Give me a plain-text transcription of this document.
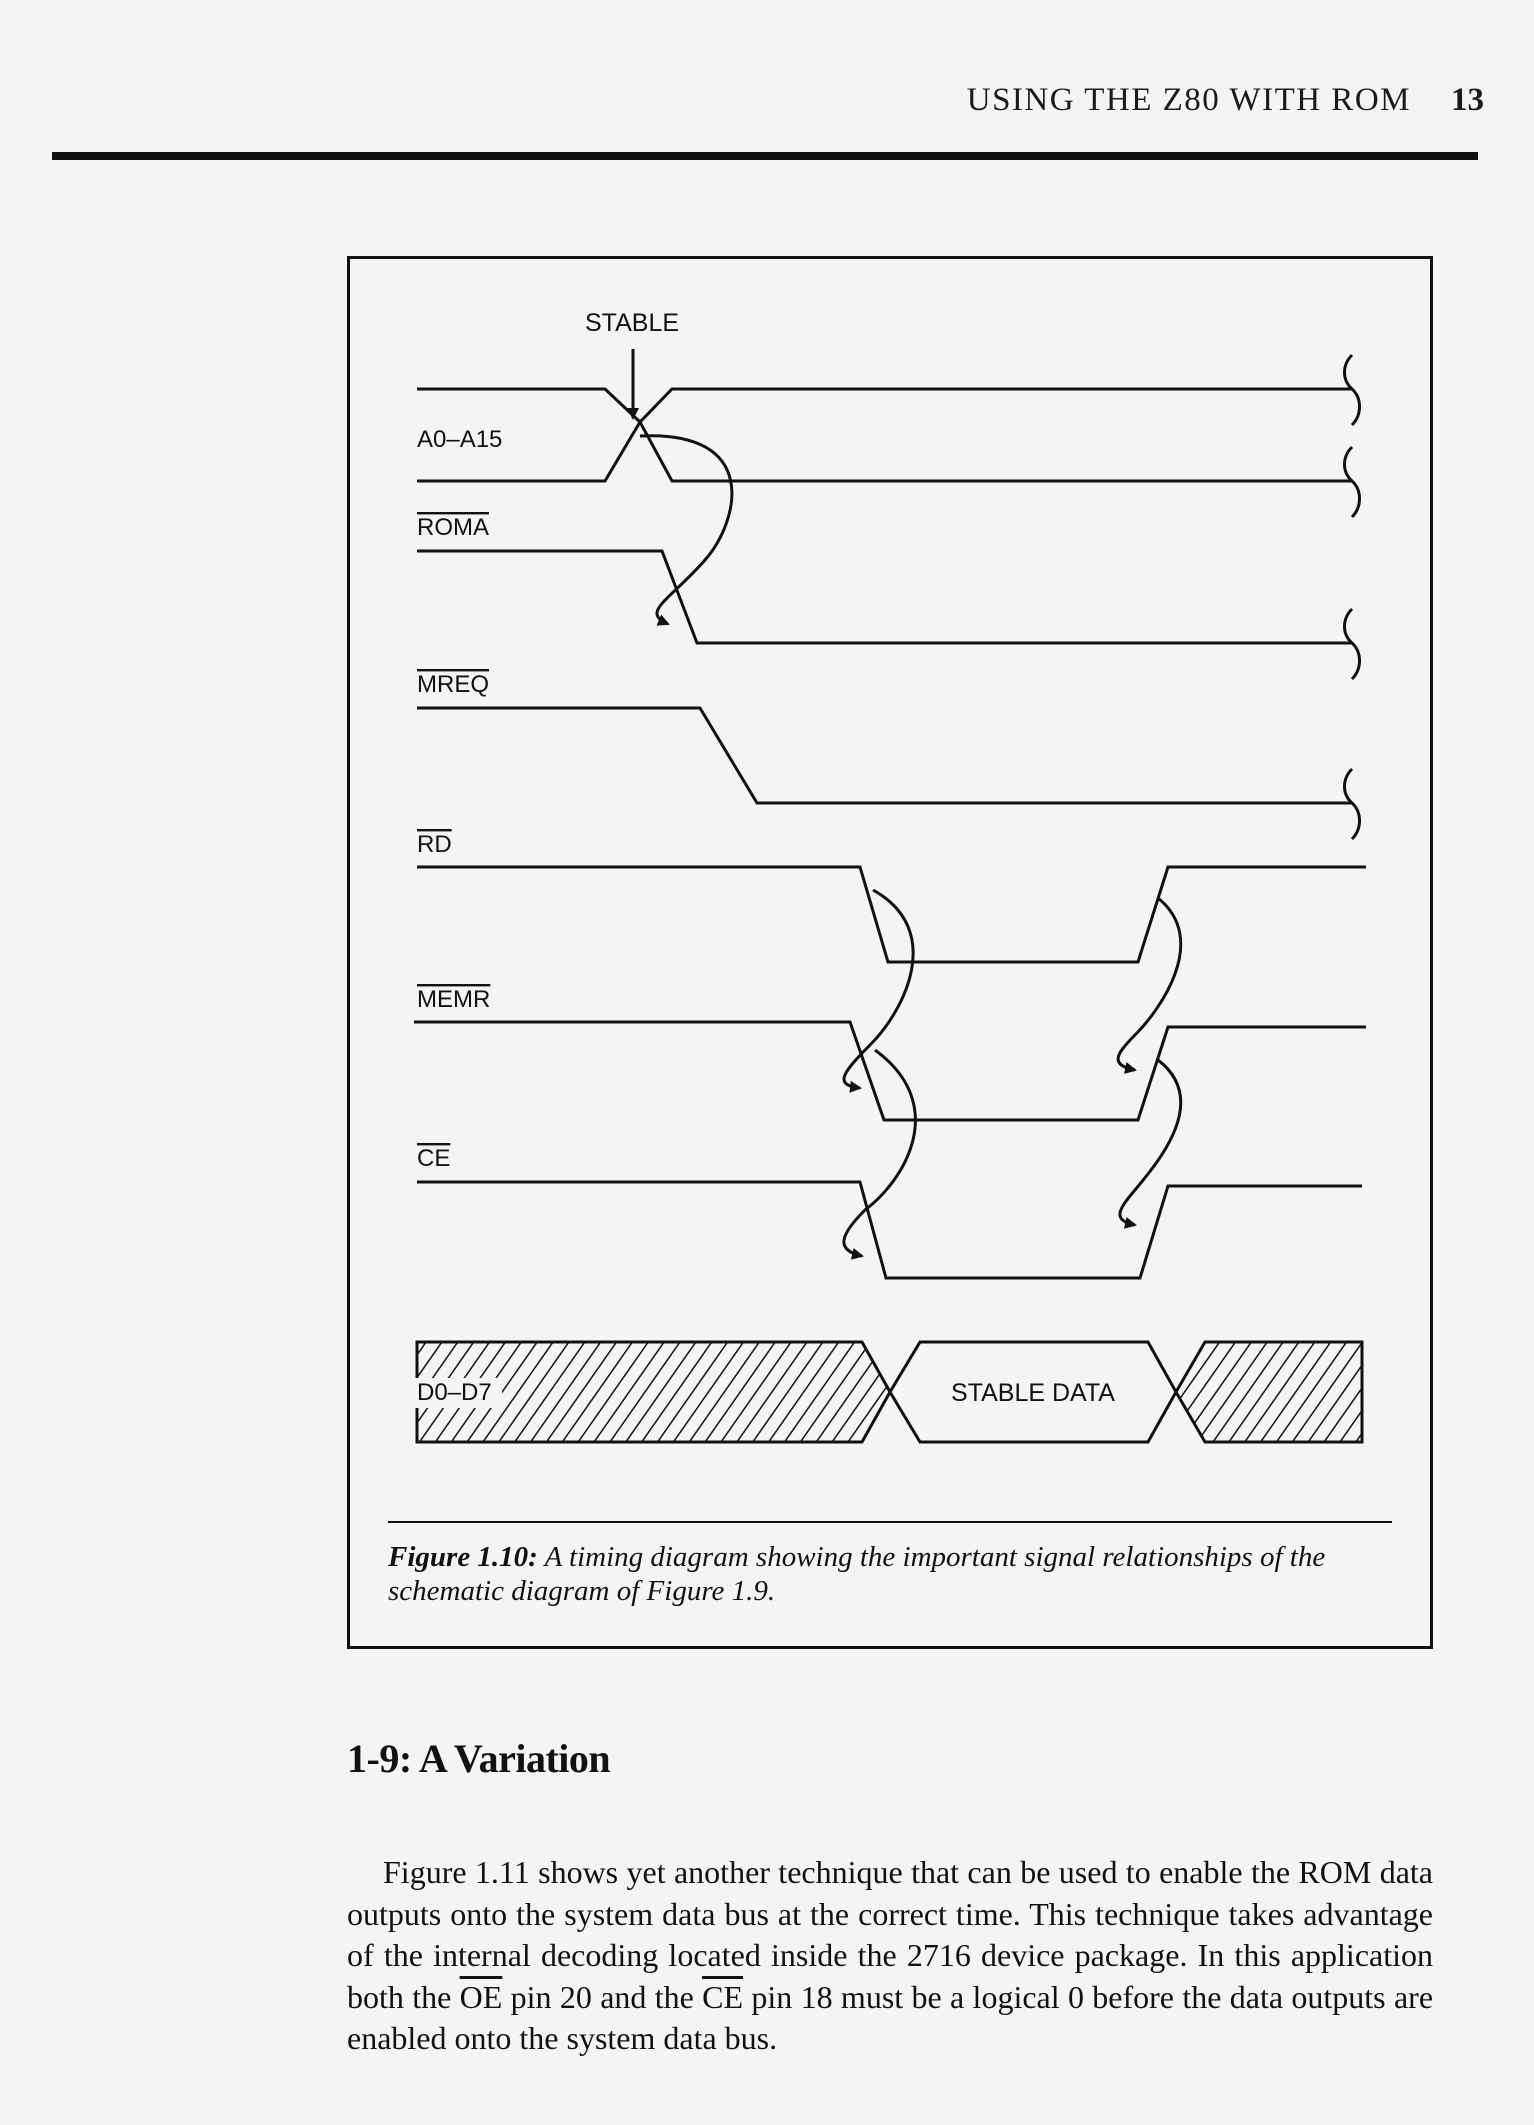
USING THE Z80 WITH ROM 13
STABLE
A0–A15
ROMA
MREQ
RD
MEMR
CE
D0–D7	STABLE DATA
Figure 1.10: A timing diagram showing the important signal relationships of the schematic diagram of Figure 1.9.
1-9: A Variation

Figure 1.11 shows yet another technique that can be used to enable the ROM data outputs onto the system data bus at the correct time. This technique takes advantage of the internal decoding located inside the 2716 device package. In this application both the $\overline{OE}$ pin 20 and the $\overline{CE}$ pin 18 must be a logical 0 before the data outputs are enabled onto the system data bus.
